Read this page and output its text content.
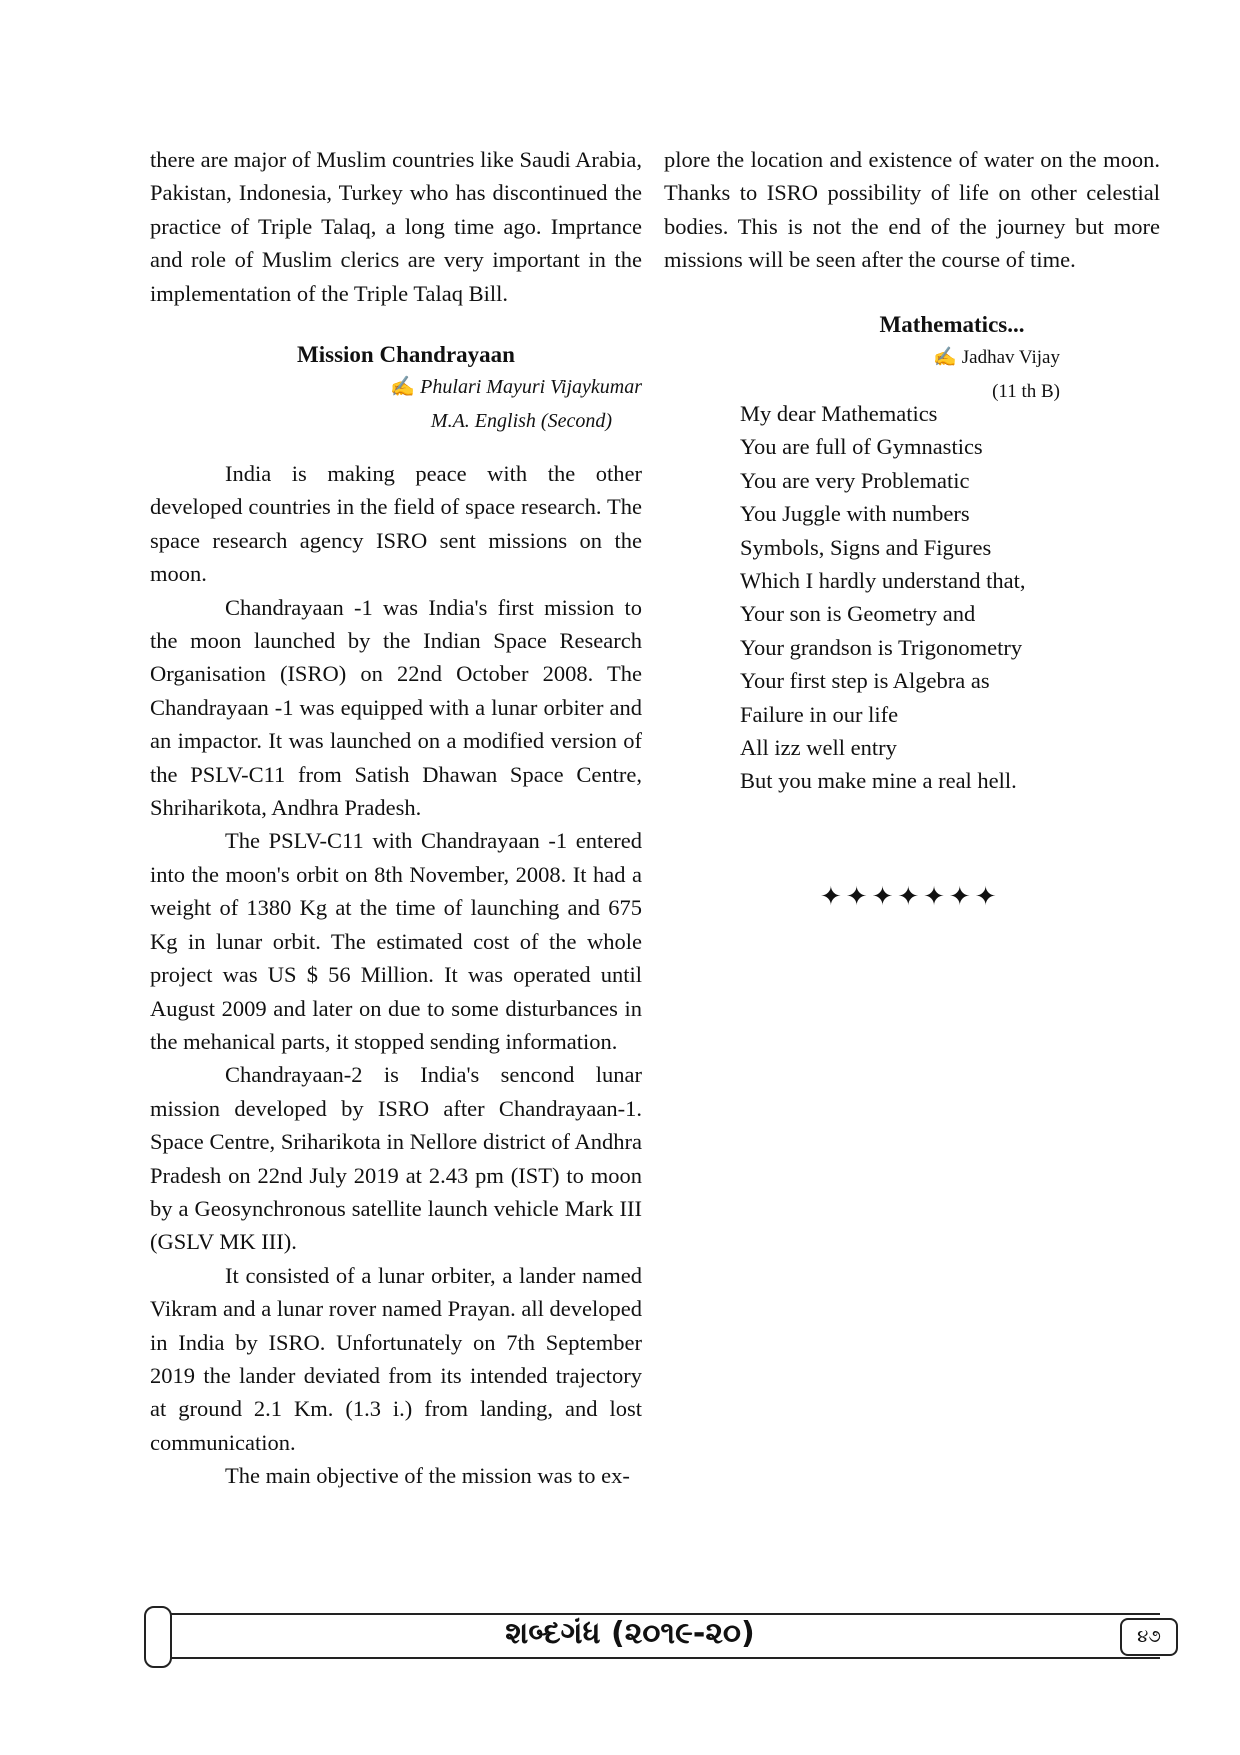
there are major of Muslim countries like Saudi Arabia, Pakistan, Indonesia, Turkey who has discontinued the practice of Triple Talaq, a long time ago. Imprtance and role of Muslim clerics are very important in the implementation of the Triple Talaq Bill.

plore the location and existence of water on the moon. Thanks to ISRO possibility of life on other celestial bodies. This is not the end of the journey but more missions will be seen after the course of time.

Mission Chandrayaan
✍ Phulari Mayuri Vijaykumar
M.A. English (Second)

India is making peace with the other developed countries in the field of space research. The space research agency ISRO sent missions on the moon.

Chandrayaan -1 was India's first mission to the moon launched by the Indian Space Research Organisation (ISRO) on 22nd October 2008. The Chandrayaan -1 was equipped with a lunar orbiter and an impactor. It was launched on a modified version of the PSLV-C11 from Satish Dhawan Space Centre, Shriharikota, Andhra Pradesh.

The PSLV-C11 with Chandrayaan -1 entered into the moon's orbit on 8th November, 2008. It had a weight of 1380 Kg at the time of launching and 675 Kg in lunar orbit. The estimated cost of the whole project was US $ 56 Million. It was operated until August 2009 and later on due to some disturbances in the mehanical parts, it stopped sending information.

Chandrayaan-2 is India's sencond lunar mission developed by ISRO after Chandrayaan-1. Space Centre, Sriharikota in Nellore district of Andhra Pradesh on 22nd July 2019 at 2.43 pm (IST) to moon by a Geosynchronous satellite launch vehicle Mark III (GSLV MK III).

It consisted of a lunar orbiter, a lander named Vikram and a lunar rover named Prayan. all developed in India by ISRO. Unfortunately on 7th September 2019 the lander deviated from its intended trajectory at ground 2.1 Km. (1.3 i.) from landing, and lost communication.

The main objective of the mission was to ex-

Mathematics...
✍ Jadhav Vijay
(11 th B)
My dear Mathematics
You are full of Gymnastics
You are very Problematic
You Juggle with numbers
Symbols, Signs and Figures
Which I hardly understand that,
Your son is Geometry and
Your grandson is Trigonometry
Your first step is Algebra as
Failure in our life
All izz well entry
But you make mine a real hell.
✦✦✦✦✦✦✦
શબ્દગંધ (૨૦૧૯-૨૦)	૪૭
